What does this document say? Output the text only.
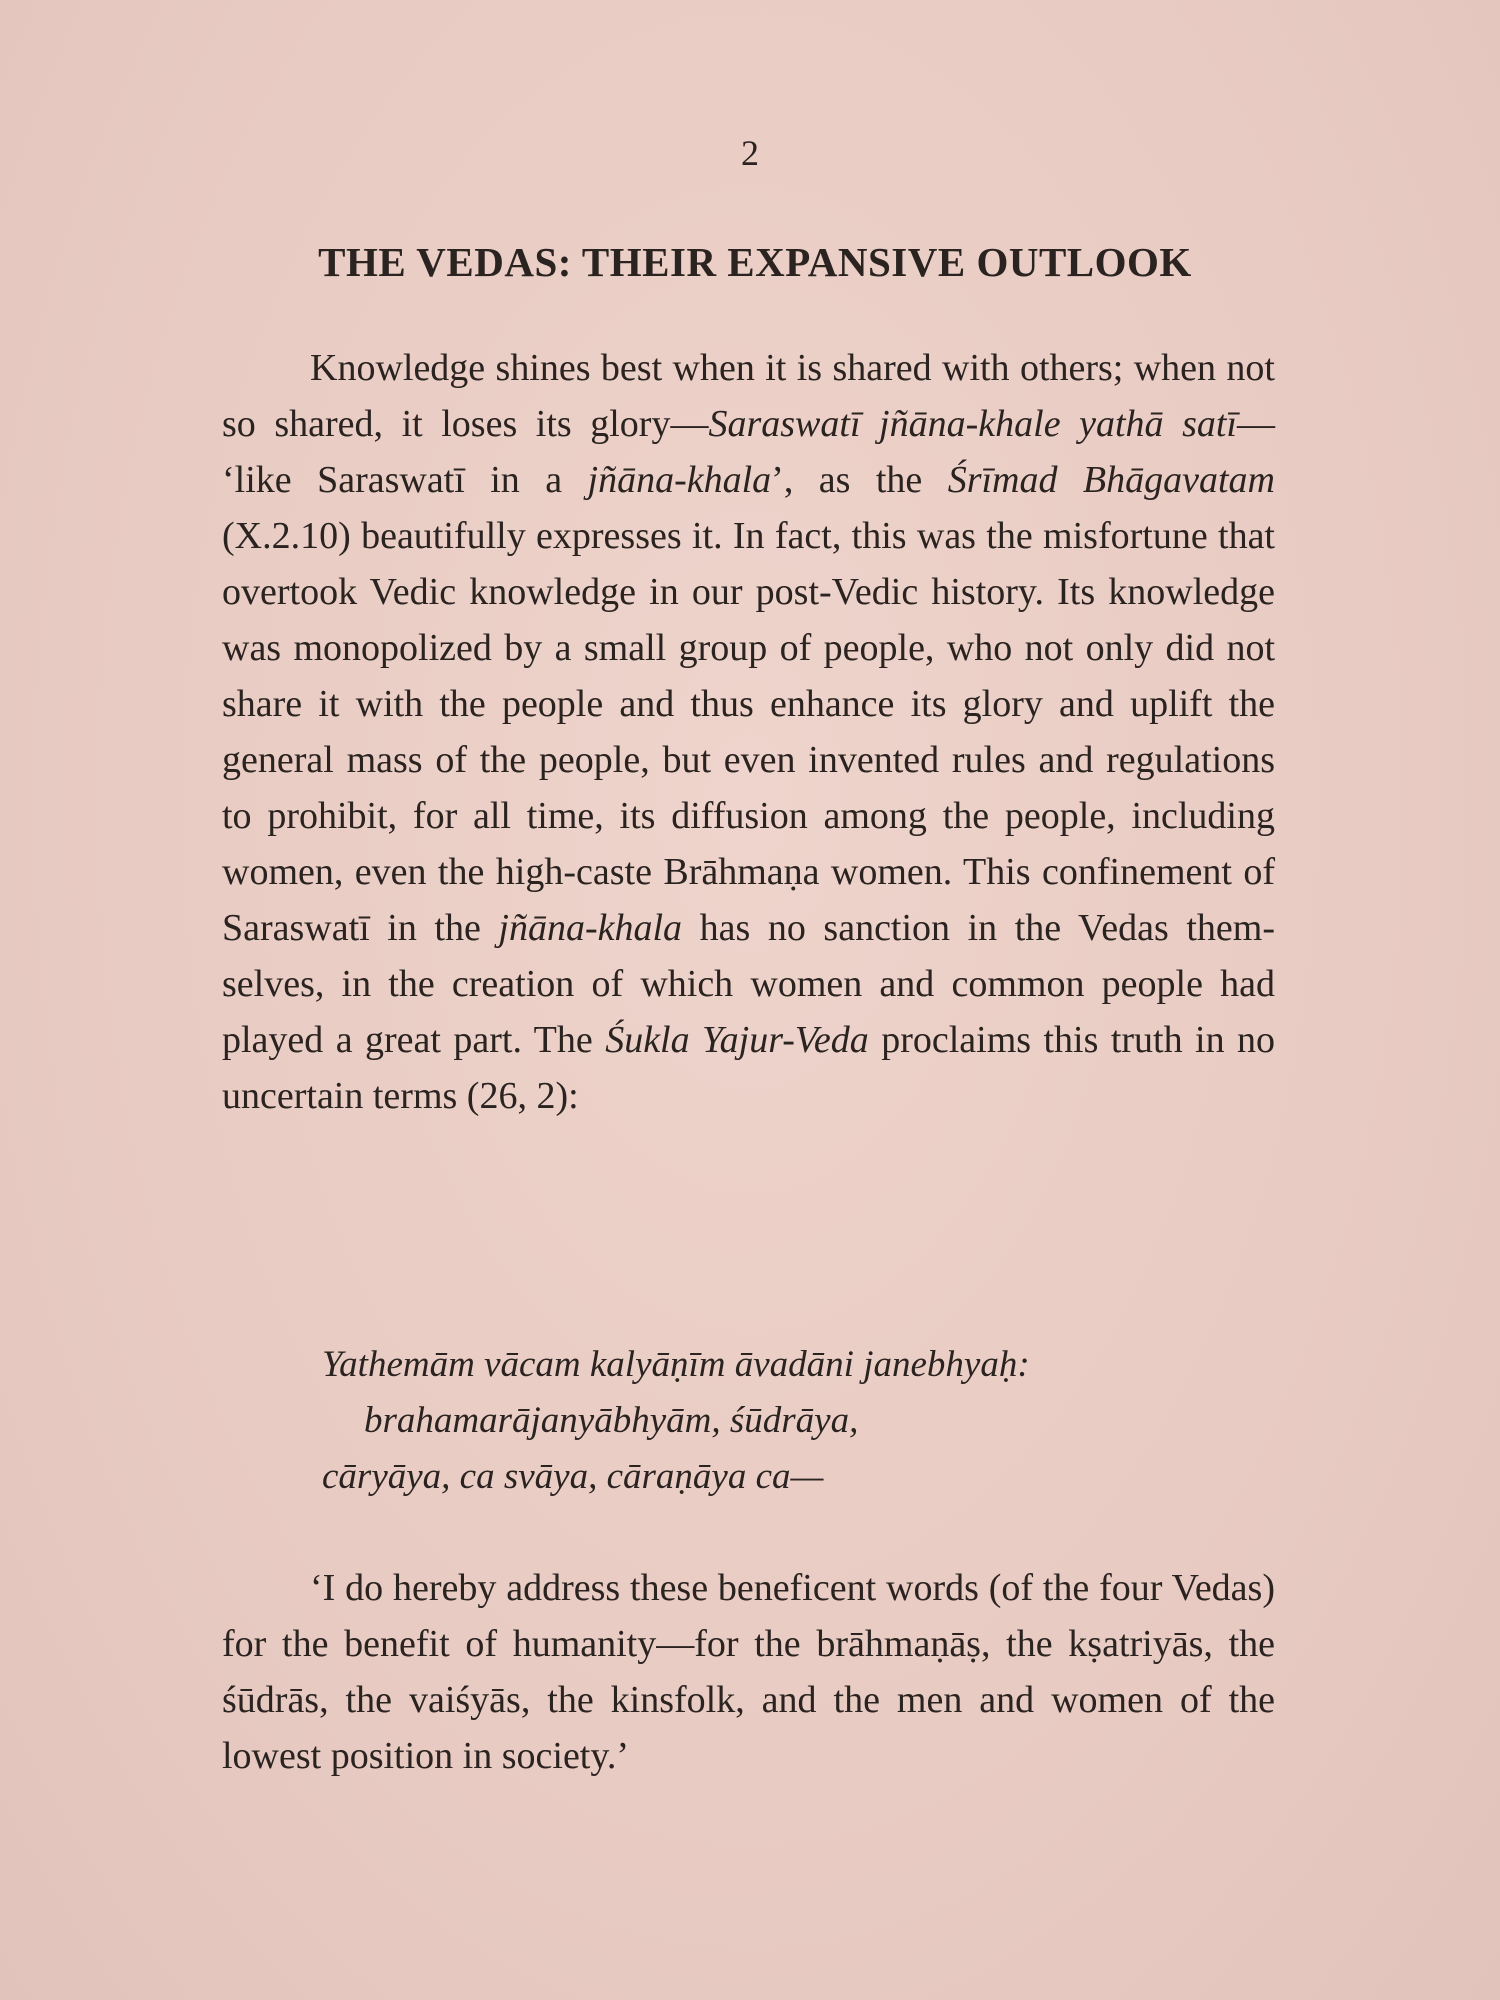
2
THE VEDAS: THEIR EXPANSIVE OUTLOOK

Knowledge shines best when it is shared with others; when not so shared, it loses its glory—Saraswatī jñāna-khale yathā satī— ‘like Saraswatī in a jñāna-khala’, as the Śrīmad Bhāgavatam (X.2.10) beautifully expresses it. In fact, this was the misfortune that overtook Vedic knowledge in our post-Vedic history. Its knowledge was monopolized by a small group of people, who not only did not share it with the people and thus enhance its glory and uplift the general mass of the people, but even invented rules and regulations to prohibit, for all time, its diffusion among the people, including women, even the high-caste Brāhmaṇa women. This confinement of Saraswatī in the jñāna-khala has no sanction in the Vedas them-selves, in the creation of which women and common people had played a great part. The Śukla Yajur-Veda proclaims this truth in no uncertain terms (26, 2):

Yathemām vācam kalyāṇīm āvadāni janebhyaḥ:
brahamarājanyābhyām, śūdrāya,
cāryāya, ca svāya, cāraṇāya ca—

‘I do hereby address these beneficent words (of the four Vedas) for the benefit of humanity—for the brāhmaṇāṣ, the kṣatriyās, the śūdrās, the vaiśyās, the kinsfolk, and the men and women of the lowest position in society.’
